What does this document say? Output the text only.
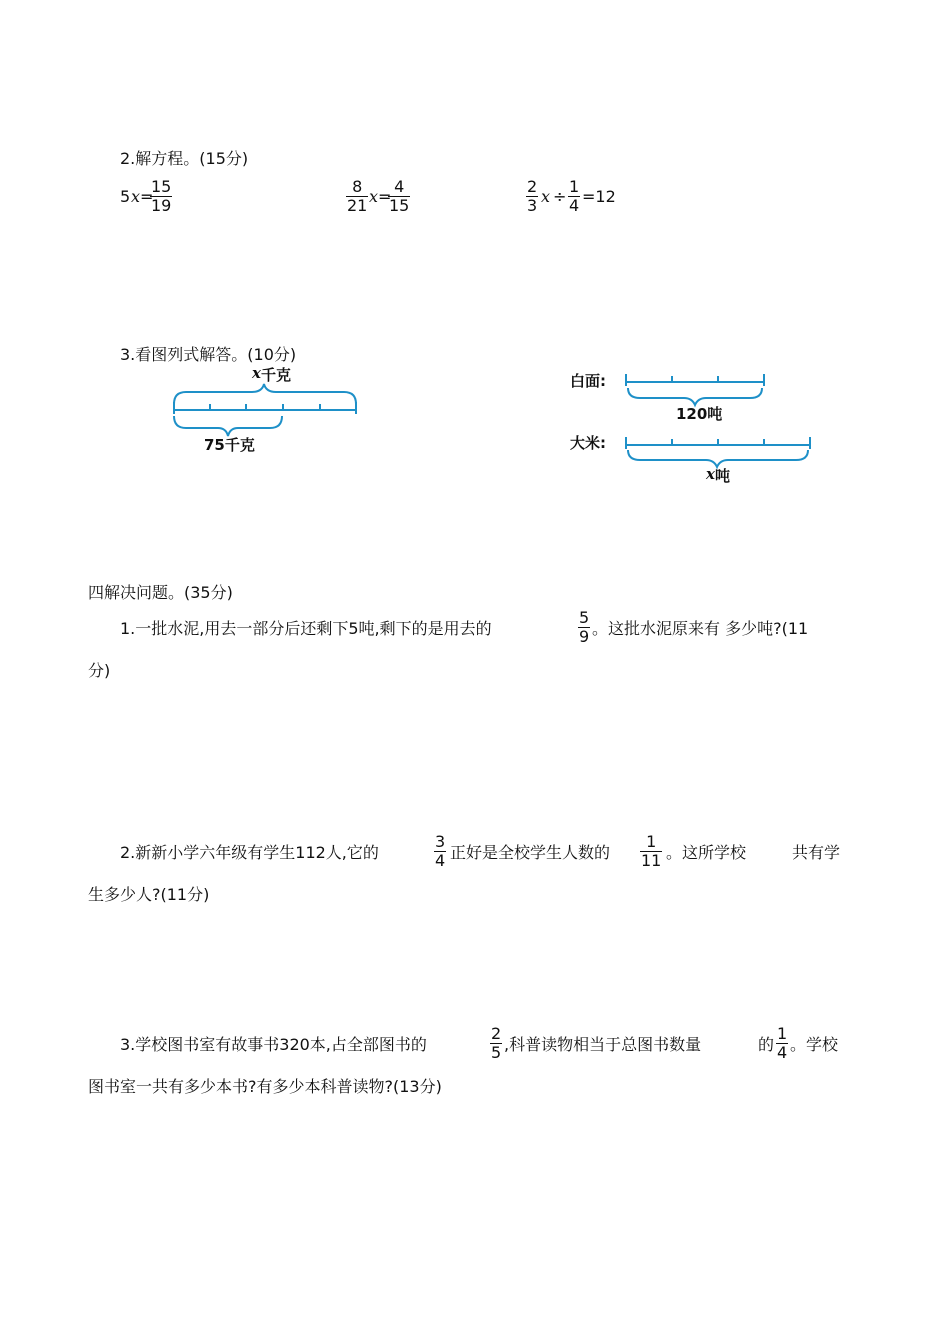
2.解方程。(15分)
5 x =
$\frac{15}{19}$	$\frac{8}{21}$ x =
$\frac{4}{15}$	$\frac{2}{3}$ $x \div \frac{1}{4} =12$
3.看图列式解答。(10分)
x 千克
75千克
白面:
120吨
大米:
x 吨
四解决问题。(35分)
1.一批水泥,用去一部分后还剩下5吨,剩下的是用去的	$\frac{5}{9}$ 。这批水泥原来有 多少吨?(11
分)
2.新新小学六年级有学生112人,它的	$\frac{3}{4}$ 正好是全校学生人数的 $\frac{1}{11}$ 。这所学校	共有学
生多少人?(11分)
3.学校图书室有故事书320本,占全部图书的	$\frac{2}{5}$ ,科普读物相当于总图书数量	的 $\frac{1}{4}$ 。学校
图书室一共有多少本书?有多少本科普读物?(13分)
